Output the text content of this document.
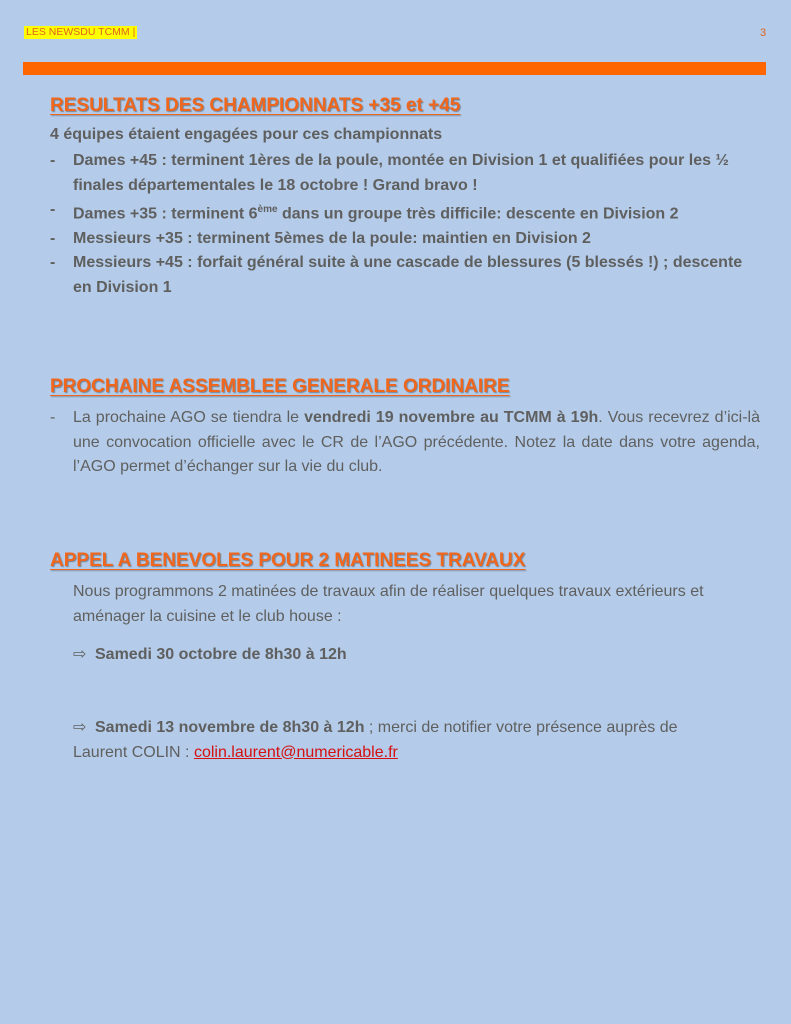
LES NEWSDU TCMM |	3
RESULTATS DES CHAMPIONNATS +35 et +45
4 équipes étaient engagées pour ces championnats
- Dames +45 : terminent 1ères de la poule, montée en Division 1 et qualifiées pour les ½ finales départementales le 18 octobre ! Grand bravo !
- Dames +35 : terminent 6ème dans un groupe très difficile: descente en Division 2
- Messieurs +35 : terminent 5èmes de la poule: maintien en Division 2
- Messieurs +45 : forfait général suite à une cascade de blessures (5 blessés !) ; descente en Division 1
PROCHAINE ASSEMBLEE GENERALE ORDINAIRE
- La prochaine AGO se tiendra le vendredi 19 novembre au TCMM à 19h. Vous recevrez d’ici-là une convocation officielle avec le CR de l’AGO précédente. Notez la date dans votre agenda, l’AGO permet d’échanger sur la vie du club.
APPEL A BENEVOLES POUR 2 MATINEES TRAVAUX
Nous programmons 2 matinées de travaux afin de réaliser quelques travaux extérieurs et aménager la cuisine et le club house :
⇨ Samedi 30 octobre de 8h30 à 12h
⇨ Samedi 13 novembre de 8h30 à 12h ; merci de notifier votre présence auprès de Laurent COLIN : colin.laurent@numericable.fr
